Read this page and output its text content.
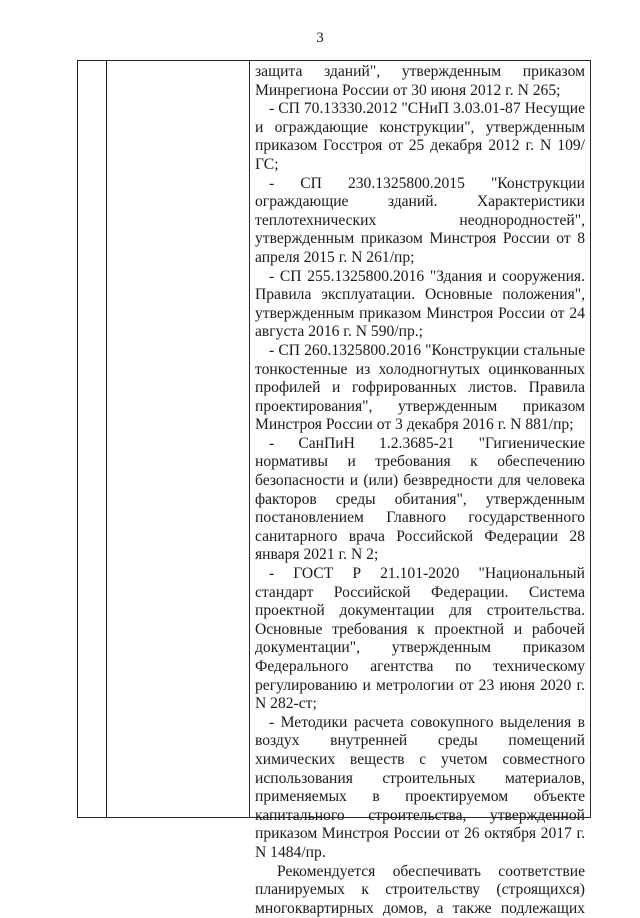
3

защита зданий", утвержденным приказом Минрегиона России от 30 июня 2012 г. N 265;

- СП 70.13330.2012 "СНиП 3.03.01-87 Несущие и ограждающие конструкции", утвержденным приказом Госстроя от 25 декабря 2012 г. N 109/ГС;

- СП 230.1325800.2015 "Конструкции ограждающие зданий. Характеристики теплотехнических неоднородностей", утвержденным приказом Минстроя России от 8 апреля 2015 г. N 261/пр;

- СП 255.1325800.2016 "Здания и сооружения. Правила эксплуатации. Основные положения", утвержденным приказом Минстроя России от 24 августа 2016 г. N 590/пр.;

- СП 260.1325800.2016 "Конструкции стальные тонкостенные из холодногнутых оцинкованных профилей и гофрированных листов. Правила проектирования", утвержденным приказом Минстроя России от 3 декабря 2016 г. N 881/пр;

- СанПиН 1.2.3685-21 "Гигиенические нормативы и требования к обеспечению безопасности и (или) безвредности для человека факторов среды обитания", утвержденным постановлением Главного государственного санитарного врача Российской Федерации 28 января 2021 г. N 2;

- ГОСТ Р 21.101-2020 "Национальный стандарт Российской Федерации. Система проектной документации для строительства. Основные требования к проектной и рабочей документации", утвержденным приказом Федерального агентства по техническому регулированию и метрологии от 23 июня 2020 г. N 282-ст;

- Методики расчета совокупного выделения в воздух внутренней среды помещений химических веществ с учетом совместного использования строительных материалов, применяемых в проектируемом объекте капитального строительства, утвержденной приказом Минстроя России от 26 октября 2017 г. N 1484/пр.

Рекомендуется обеспечивать соответствие планируемых к строительству (строящихся) многоквартирных домов, а также подлежащих
